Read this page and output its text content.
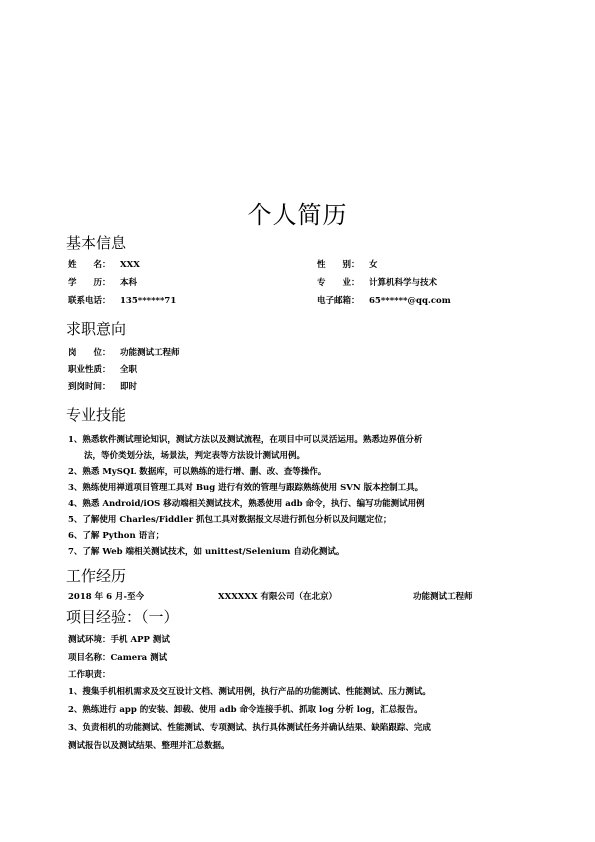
个人简历
基本信息
姓　　名： XXX	性　　别： 女
学　　历： 本科	专　　业： 计算机科学与技术
联系电话： 135******71	电子邮箱： 65******@qq.com
求职意向
岗　　位： 功能测试工程师
职业性质： 全职
到岗时间： 即时
专业技能
1、熟悉软件测试理论知识，测试方法以及测试流程，在项目中可以灵活运用。熟悉边界值分析
法，等价类划分法，场景法，判定表等方法设计测试用例。
2、熟悉 MySQL 数据库，可以熟练的进行增、删、改、查等操作。
3、熟练使用禅道项目管理工具对 Bug 进行有效的管理与跟踪熟练使用 SVN 版本控制工具。
4、熟悉 Android/iOS 移动端相关测试技术，熟悉使用 adb 命令，执行、编写功能测试用例
5、了解使用 Charles/Fiddler 抓包工具对数据报文尽进行抓包分析以及问题定位；
6、了解 Python 语言；
7、了解 Web 端相关测试技术，如 unittest/Selenium 自动化测试。
工作经历
2018 年 6 月-至今	XXXXXX 有限公司（在北京）	功能测试工程师
项目经验：（一）
测试环境：手机 APP 测试
项目名称：Camera 测试
工作职责：
1、搜集手机相机需求及交互设计文档、测试用例，执行产品的功能测试、性能测试、压力测试。
2、熟练进行 app 的安装、卸载、使用 adb 命令连接手机、抓取 log 分析 log，汇总报告。
3、负责相机的功能测试、性能测试、专项测试、执行具体测试任务并确认结果、缺陷跟踪、完成
测试报告以及测试结果、整理并汇总数据。
